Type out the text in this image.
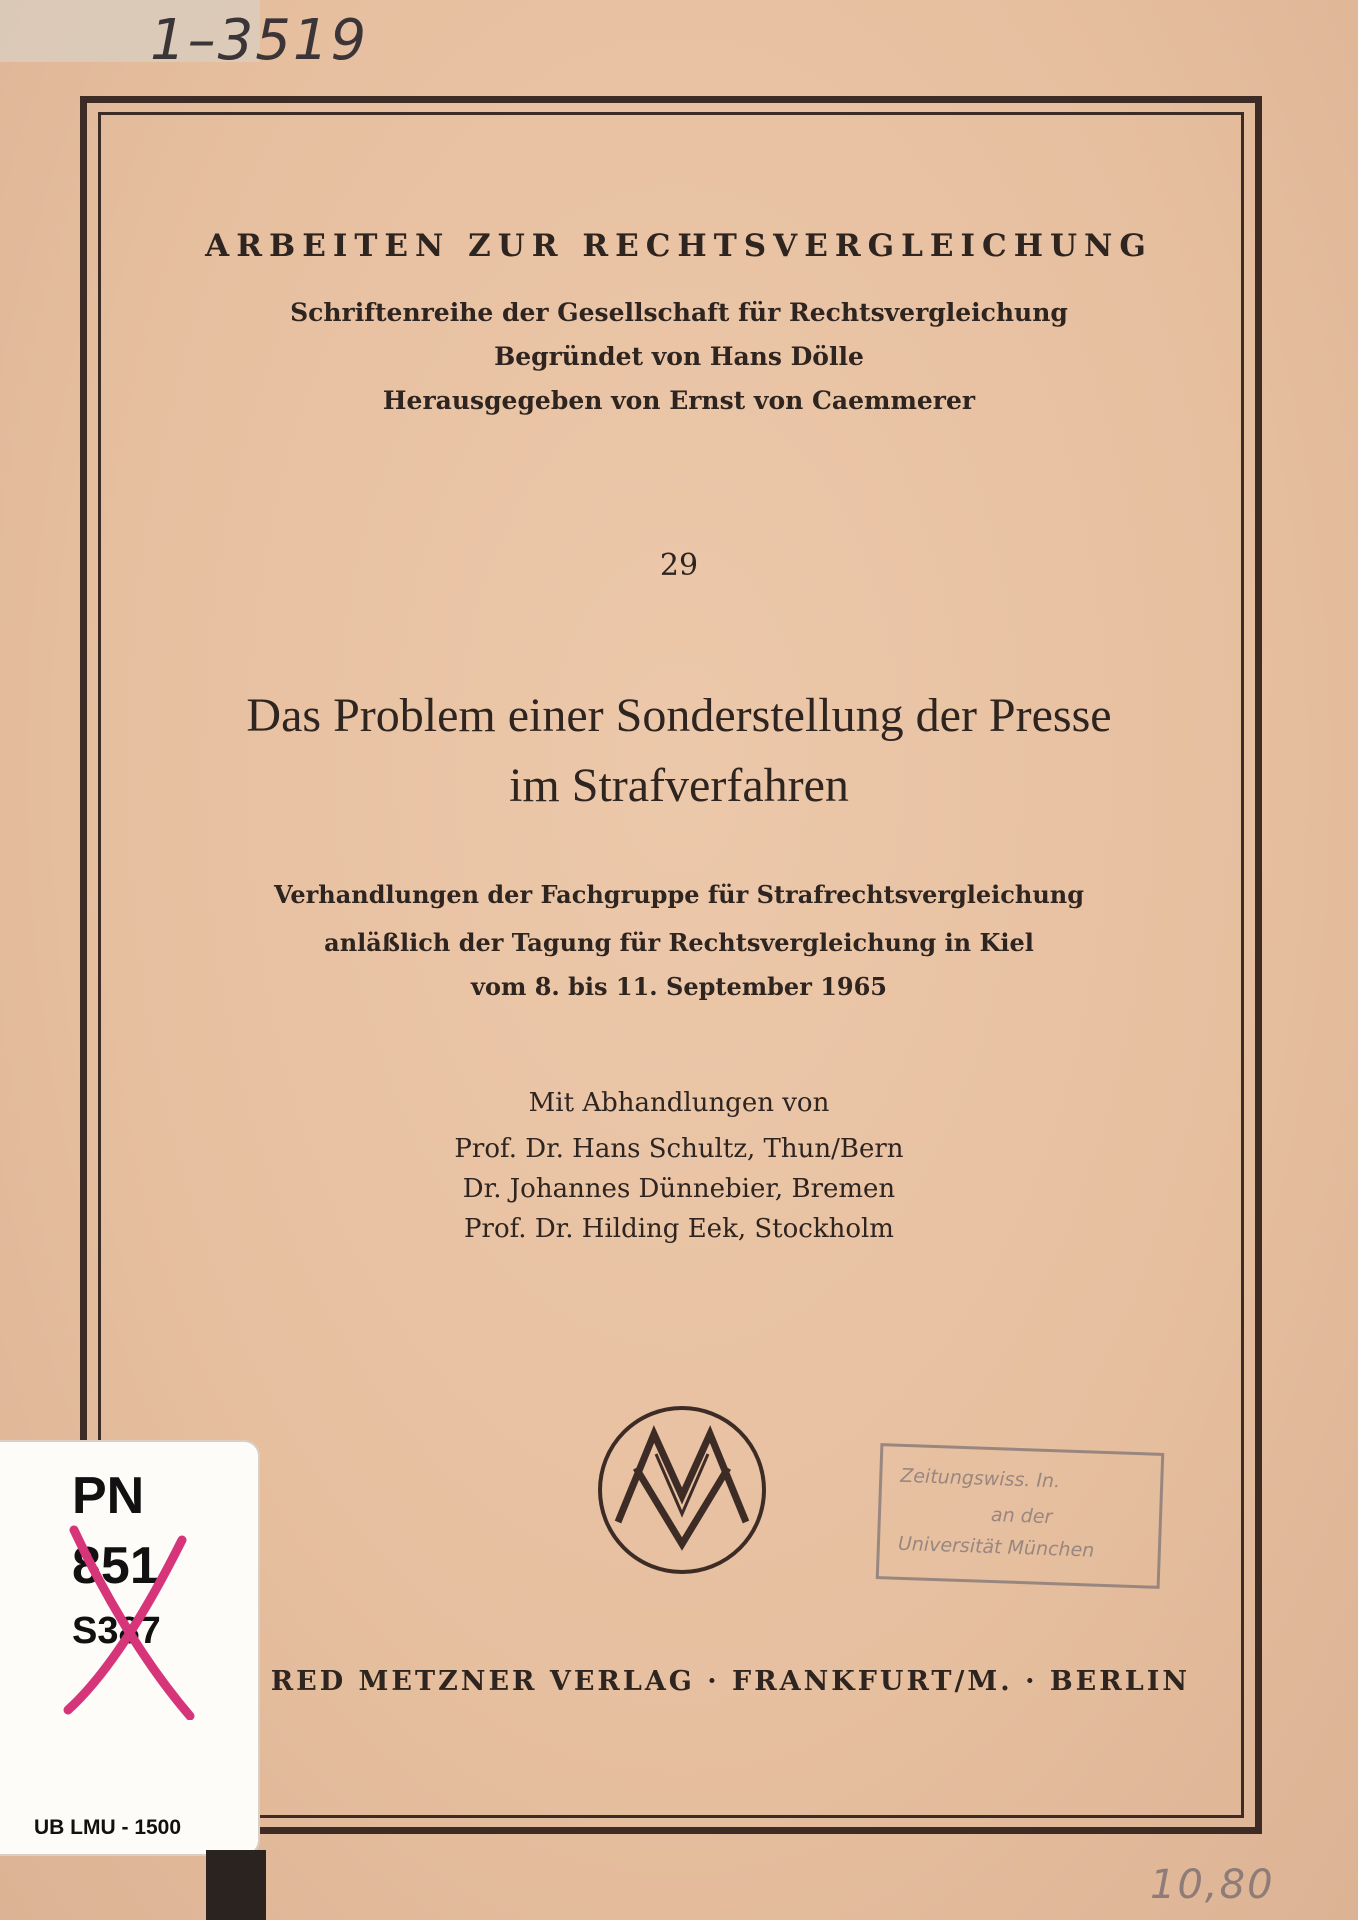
1–3519
ARBEITEN ZUR RECHTSVERGLEICHUNG
Schriftenreihe der Gesellschaft für Rechtsvergleichung
Begründet von Hans Dölle
Herausgegeben von Ernst von Caemmerer
29
Das Problem einer Sonderstellung der Presse
im Strafverfahren
Verhandlungen der Fachgruppe für Strafrechtsvergleichung
anläßlich der Tagung für Rechtsvergleichung in Kiel
vom 8. bis 11. September 1965
Mit Abhandlungen von
Prof. Dr. Hans Schultz, Thun/Bern
Dr. Johannes Dünnebier, Bremen
Prof. Dr. Hilding Eek, Stockholm
Zeitungswiss. In.
an der
Universität München
RED METZNER VERLAG · FRANKFURT/M. · BERLIN
PN
851
S387
UB LMU - 1500
10,80
